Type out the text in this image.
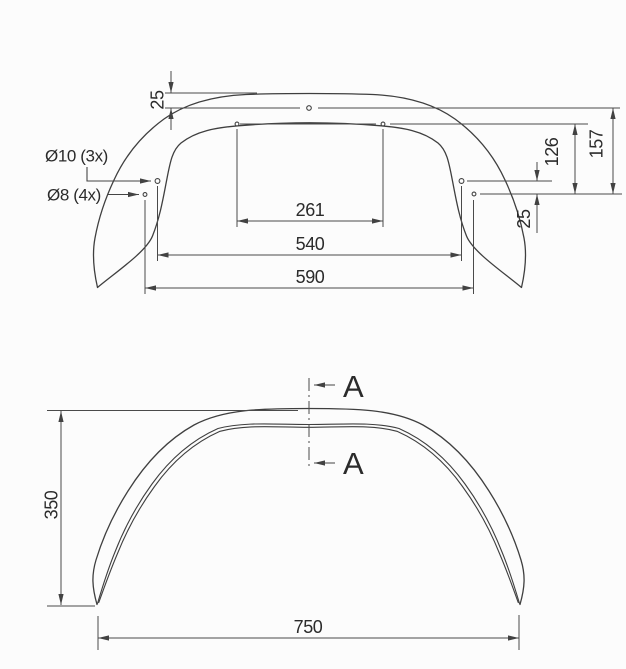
25
157
126
25
261
540
590
Ø10 (3x)
Ø8 (4x)
350
750
A
A
